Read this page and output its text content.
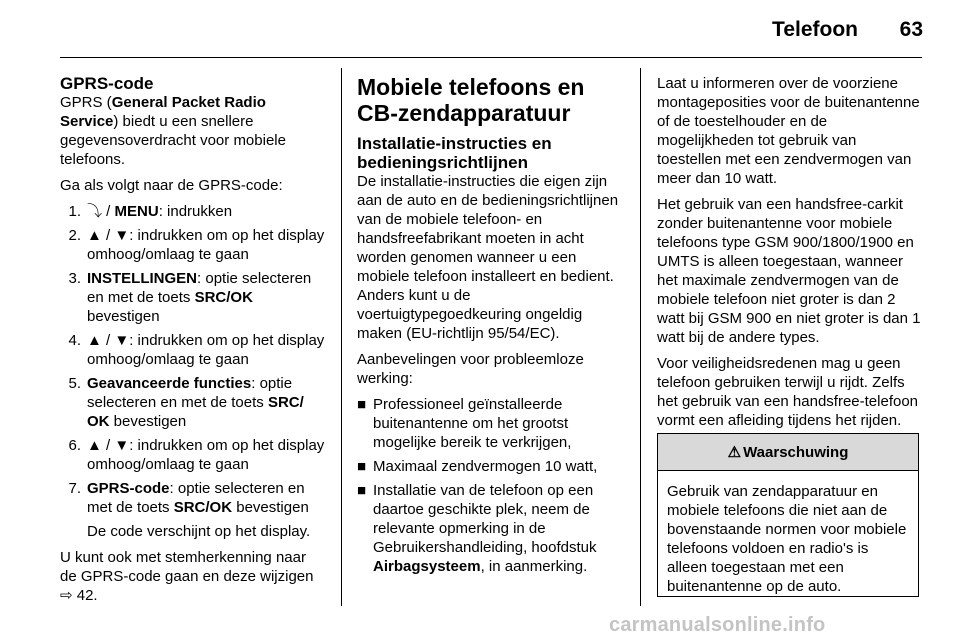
Telefoon 63
GPRS-code

GPRS (General Packet Radio Service) biedt u een snellere gegevensoverdracht voor mobiele telefoons.

Ga als volgt naar de GPRS-code:

1. ⤵ / MENU: indrukken
2. ▲ / ▼: indrukken om op het display omhoog/omlaag te gaan
3. INSTELLINGEN: optie selecteren en met de toets SRC/OK bevestigen
4. ▲ / ▼: indrukken om op het display omhoog/omlaag te gaan
5. Geavanceerde functies: optie selecteren en met de toets SRC/ OK bevestigen
6. ▲ / ▼: indrukken om op het display omhoog/omlaag te gaan
7. GPRS-code: optie selecteren en met de toets SRC/OK bevestigen

De code verschijnt op het display.

U kunt ook met stemherkenning naar de GPRS-code gaan en deze wijzigen ⇨ 42.

Mobiele telefoons en CB-zendapparatuur
Installatie-instructies en bedieningsrichtlijnen

De installatie-instructies die eigen zijn aan de auto en de bedieningsrichtlijnen van de mobiele telefoon- en handsfreefabrikant moeten in acht worden genomen wanneer u een mobiele telefoon installeert en bedient. Anders kunt u de voertuigtypegoedkeuring ongeldig maken (EU-richtlijn 95/54/EC).

Aanbevelingen voor probleemloze werking:

■ Professioneel geïnstalleerde buitenantenne om het grootst mogelijke bereik te verkrijgen,
■ Maximaal zendvermogen 10 watt,
■ Installatie van de telefoon op een daartoe geschikte plek, neem de relevante opmerking in de Gebruikershandleiding, hoofdstuk Airbagsysteem, in aanmerking.

Laat u informeren over de voorziene montageposities voor de buitenantenne of de toestelhouder en de mogelijkheden tot gebruik van toestellen met een zendvermogen van meer dan 10 watt.

Het gebruik van een handsfree-carkit zonder buitenantenne voor mobiele telefoons type GSM 900/1800/1900 en UMTS is alleen toegestaan, wanneer het maximale zendvermogen van de mobiele telefoon niet groter is dan 2 watt bij GSM 900 en niet groter is dan 1 watt bij de andere types.

Voor veiligheidsredenen mag u geen telefoon gebruiken terwijl u rijdt. Zelfs het gebruik van een handsfree-telefoon vormt een afleiding tijdens het rijden.

⚠ Waarschuwing
Gebruik van zendapparatuur en mobiele telefoons die niet aan de bovenstaande normen voor mobiele telefoons voldoen en radio's is alleen toegestaan met een buitenantenne op de auto.
carmanualsonline.info
